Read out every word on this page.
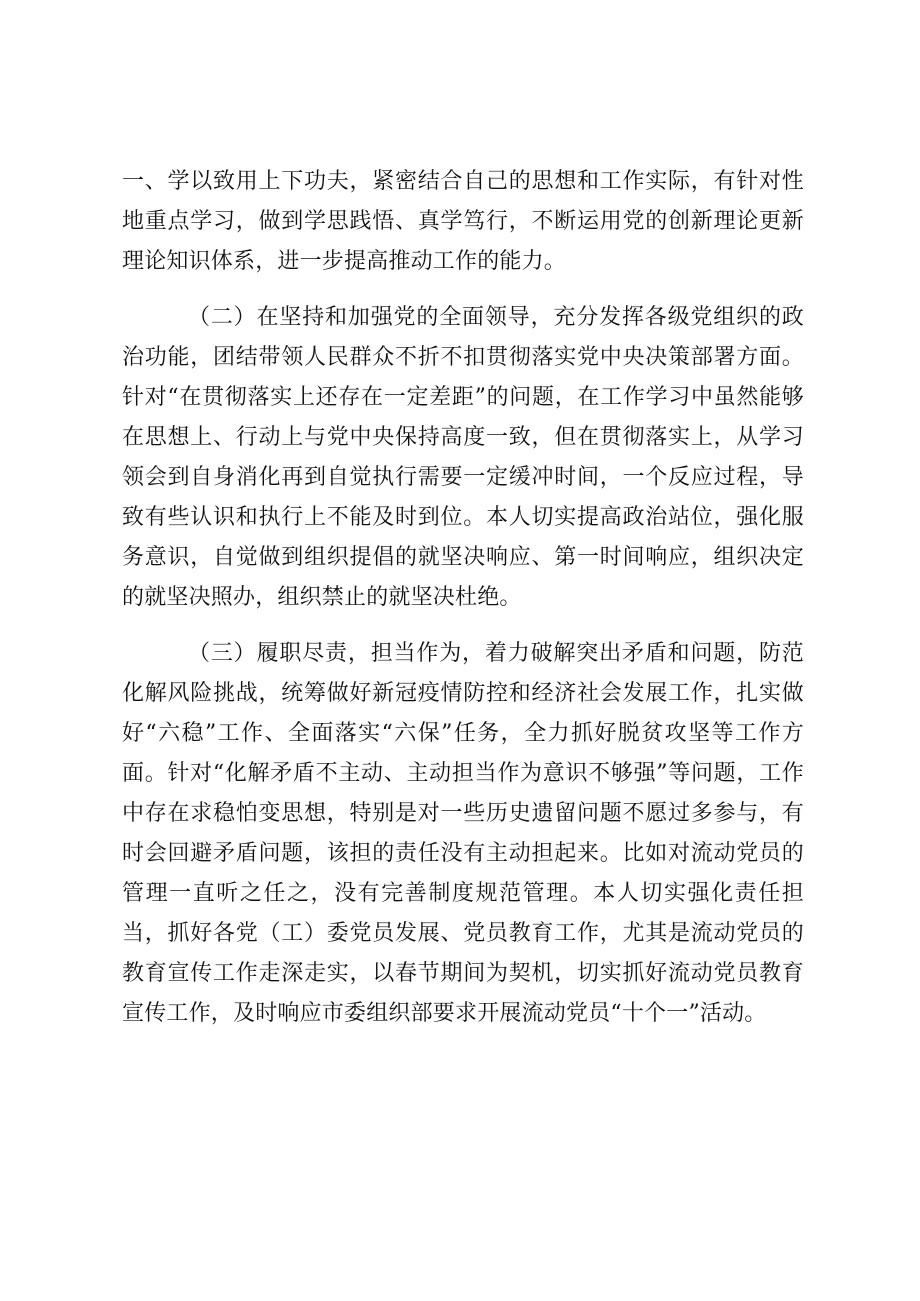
一、学以致用上下功夫，紧密结合自己的思想和工作实际，有针对性地重点学习，做到学思践悟、真学笃行，不断运用党的创新理论更新理论知识体系，进一步提高推动工作的能力。

（二）在坚持和加强党的全面领导，充分发挥各级党组织的政治功能，团结带领人民群众不折不扣贯彻落实党中央决策部署方面。针对“在贯彻落实上还存在一定差距”的问题，在工作学习中虽然能够在思想上、行动上与党中央保持高度一致，但在贯彻落实上，从学习领会到自身消化再到自觉执行需要一定缓冲时间，一个反应过程，导致有些认识和执行上不能及时到位。本人切实提高政治站位，强化服务意识，自觉做到组织提倡的就坚决响应、第一时间响应，组织决定的就坚决照办，组织禁止的就坚决杜绝。

（三）履职尽责，担当作为，着力破解突出矛盾和问题，防范化解风险挑战，统筹做好新冠疫情防控和经济社会发展工作，扎实做好“六稳”工作、全面落实“六保”任务，全力抓好脱贫攻坚等工作方面。针对“化解矛盾不主动、主动担当作为意识不够强”等问题，工作中存在求稳怕变思想，特别是对一些历史遗留问题不愿过多参与，有时会回避矛盾问题，该担的责任没有主动担起来。比如对流动党员的管理一直听之任之，没有完善制度规范管理。本人切实强化责任担当，抓好各党（工）委党员发展、党员教育工作，尤其是流动党员的教育宣传工作走深走实，以春节期间为契机，切实抓好流动党员教育宣传工作，及时响应市委组织部要求开展流动党员“十个一”活动。
